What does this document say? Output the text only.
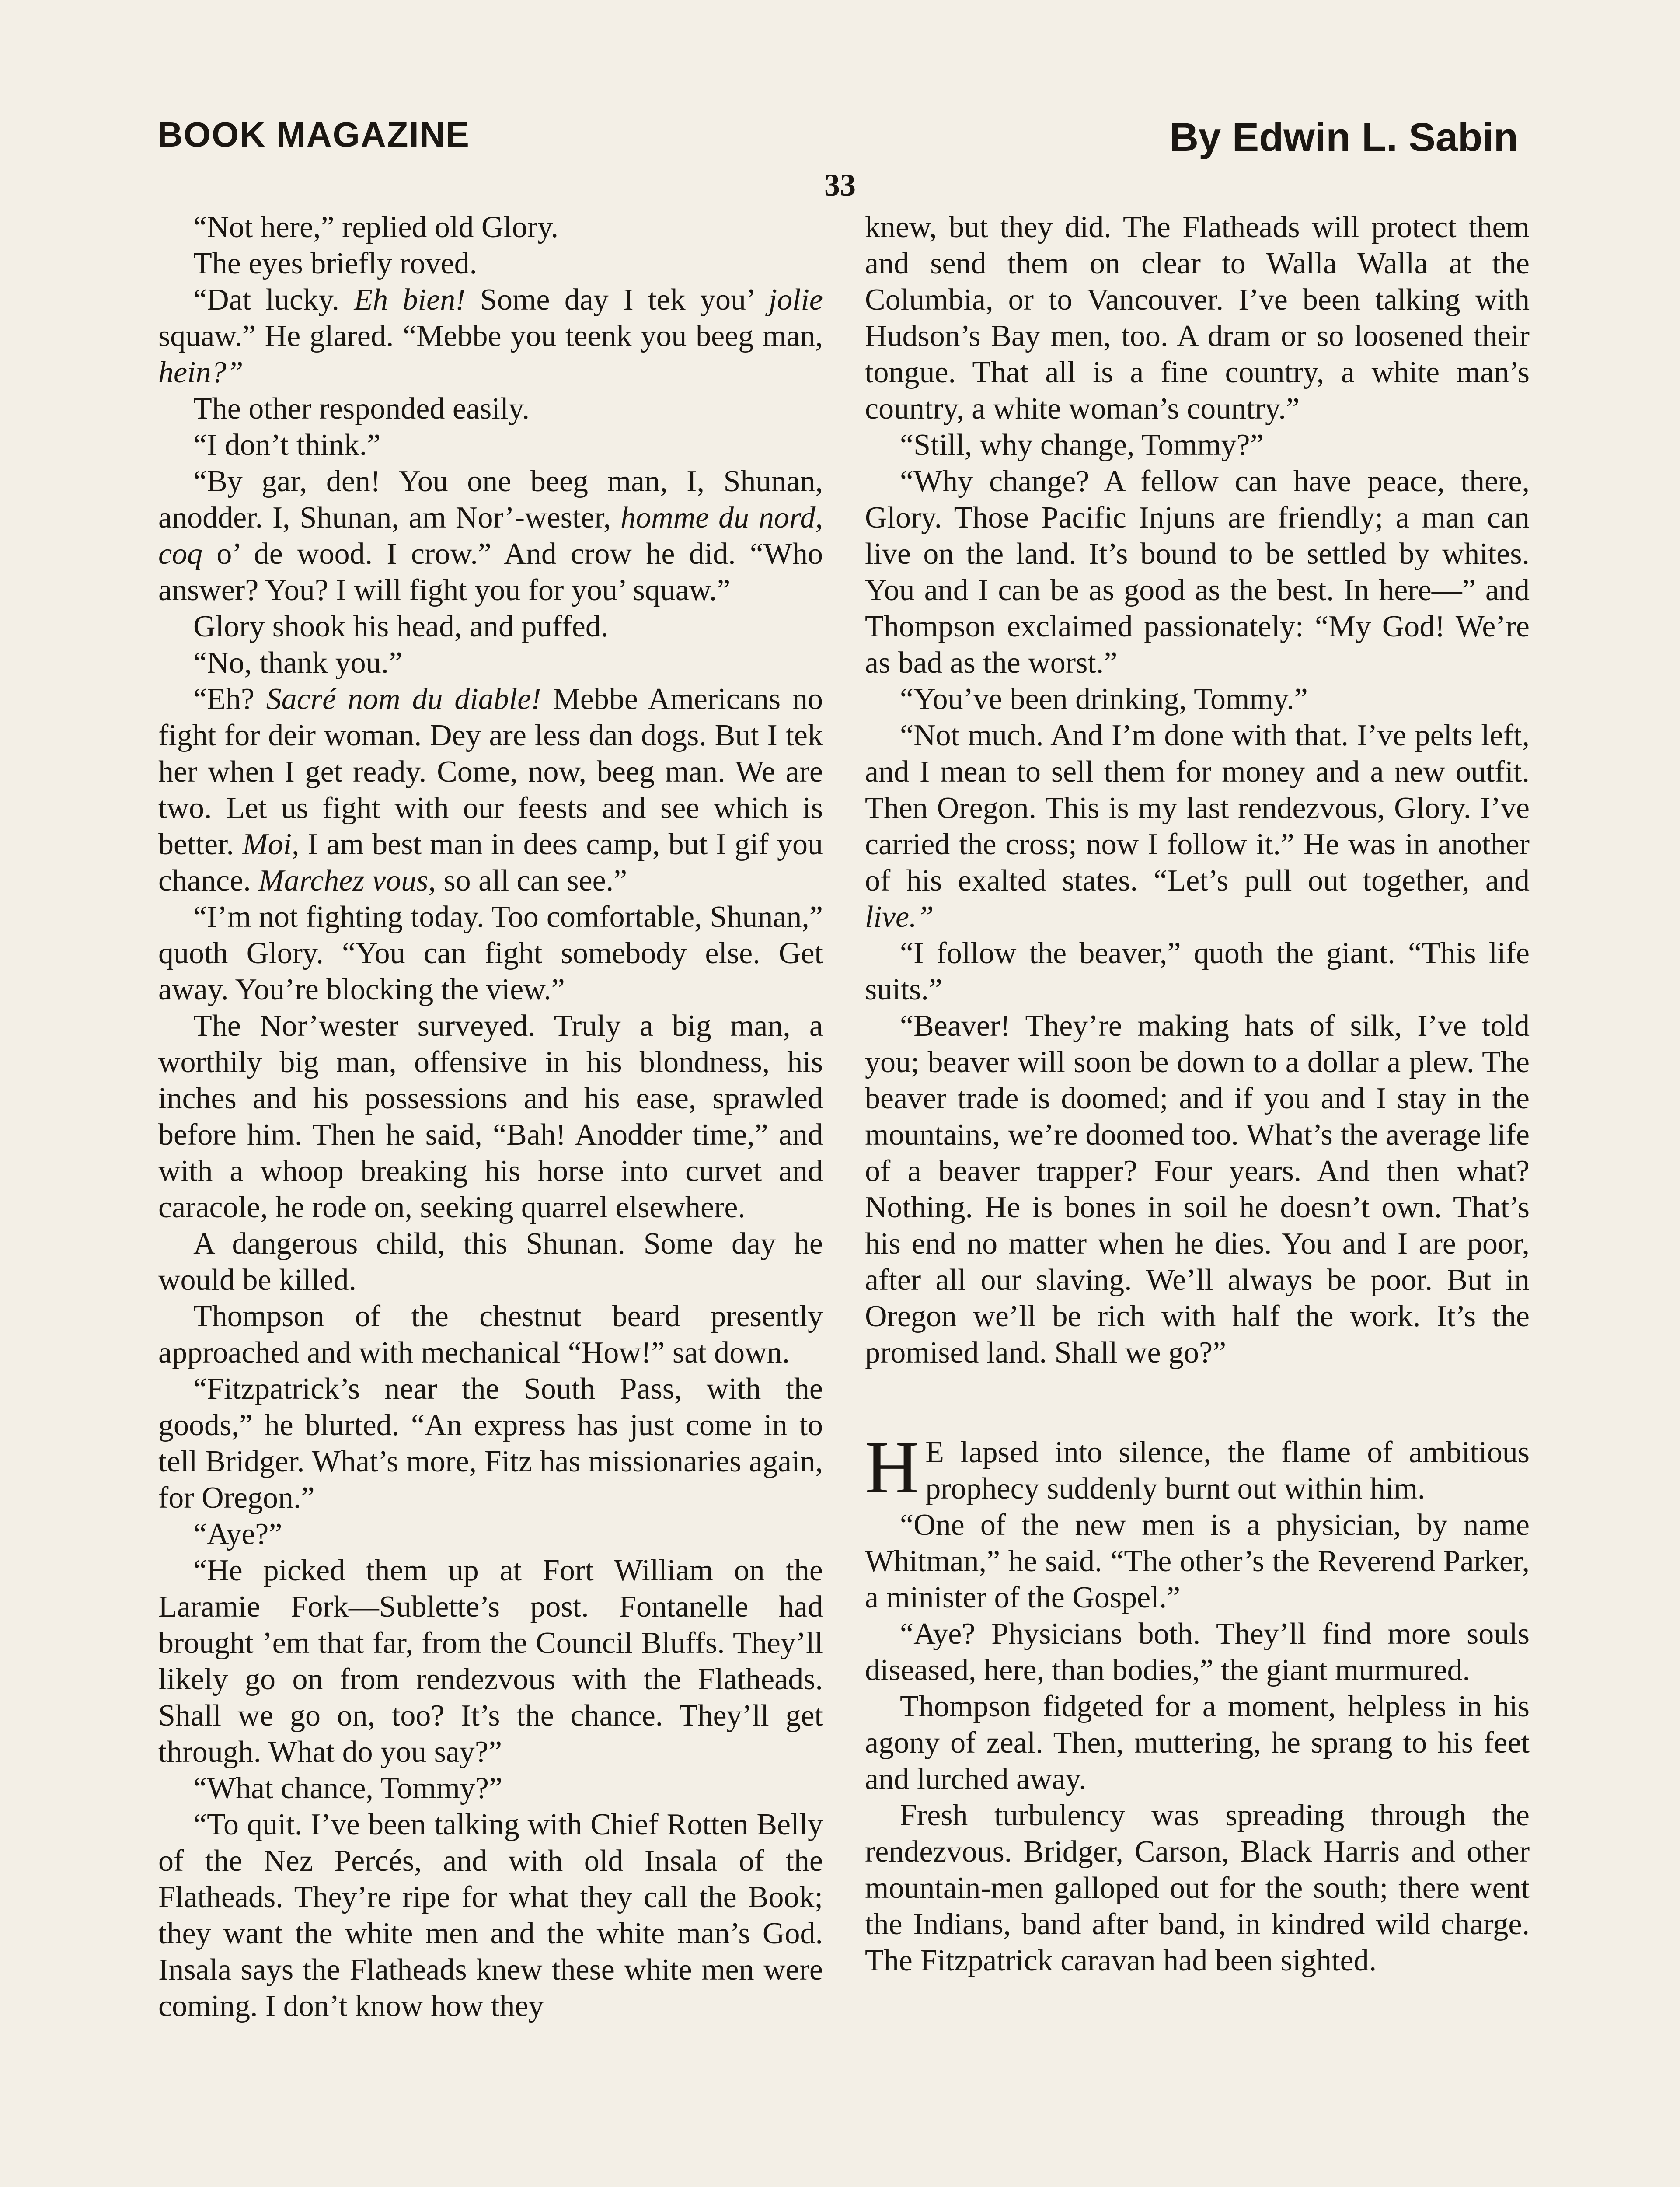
BOOK MAGAZINE	By Edwin L. Sabin
33

“Not here,” replied old Glory.

The eyes briefly roved.

“Dat lucky. Eh bien! Some day I tek you’ jolie squaw.” He glared. “Mebbe you teenk you beeg man, hein?”

The other responded easily.

“I don’t think.”

“By gar, den! You one beeg man, I, Shunan, anodder. I, Shunan, am Nor’-wester, homme du nord, coq o’ de wood. I crow.” And crow he did. “Who answer? You? I will fight you for you’ squaw.”

Glory shook his head, and puffed.

“No, thank you.”

“Eh? Sacré nom du diable! Mebbe Americans no fight for deir woman. Dey are less dan dogs. But I tek her when I get ready. Come, now, beeg man. We are two. Let us fight with our feests and see which is better. Moi, I am best man in dees camp, but I gif you chance. Marchez vous, so all can see.”

“I’m not fighting today. Too comfortable, Shunan,” quoth Glory. “You can fight somebody else. Get away. You’re blocking the view.”

The Nor’wester surveyed. Truly a big man, a worthily big man, offensive in his blondness, his inches and his possessions and his ease, sprawled before him. Then he said, “Bah! Anodder time,” and with a whoop breaking his horse into curvet and caracole, he rode on, seeking quarrel elsewhere.

A dangerous child, this Shunan. Some day he would be killed.

Thompson of the chestnut beard presently approached and with mechanical “How!” sat down.

“Fitzpatrick’s near the South Pass, with the goods,” he blurted. “An express has just come in to tell Bridger. What’s more, Fitz has missionaries again, for Oregon.”

“Aye?”

“He picked them up at Fort William on the Laramie Fork—Sublette’s post. Fontanelle had brought ’em that far, from the Council Bluffs. They’ll likely go on from rendezvous with the Flatheads. Shall we go on, too? It’s the chance. They’ll get through. What do you say?”

“What chance, Tommy?”

“To quit. I’ve been talking with Chief Rotten Belly of the Nez Percés, and with old Insala of the Flatheads. They’re ripe for what they call the Book; they want the white men and the white man’s God. Insala says the Flatheads knew these white men were coming. I don’t know how they

knew, but they did. The Flatheads will protect them and send them on clear to Walla Walla at the Columbia, or to Vancouver. I’ve been talking with Hudson’s Bay men, too. A dram or so loosened their tongue. That all is a fine country, a white man’s country, a white woman’s country.”

“Still, why change, Tommy?”

“Why change? A fellow can have peace, there, Glory. Those Pacific Injuns are friendly; a man can live on the land. It’s bound to be settled by whites. You and I can be as good as the best. In here—” and Thompson exclaimed passionately: “My God! We’re as bad as the worst.”

“You’ve been drinking, Tommy.”

“Not much. And I’m done with that. I’ve pelts left, and I mean to sell them for money and a new outfit. Then Oregon. This is my last rendezvous, Glory. I’ve carried the cross; now I follow it.” He was in another of his exalted states. “Let’s pull out together, and live.”

“I follow the beaver,” quoth the giant. “This life suits.”

“Beaver! They’re making hats of silk, I’ve told you; beaver will soon be down to a dollar a plew. The beaver trade is doomed; and if you and I stay in the mountains, we’re doomed too. What’s the average life of a beaver trapper? Four years. And then what? Nothing. He is bones in soil he doesn’t own. That’s his end no matter when he dies. You and I are poor, after all our slaving. We’ll always be poor. But in Oregon we’ll be rich with half the work. It’s the promised land. Shall we go?”

H E lapsed into silence, the flame of ambitious prophecy suddenly burnt out within him.

“One of the new men is a physician, by name Whitman,” he said. “The other’s the Reverend Parker, a minister of the Gospel.”

“Aye? Physicians both. They’ll find more souls diseased, here, than bodies,” the giant murmured.

Thompson fidgeted for a moment, helpless in his agony of zeal. Then, muttering, he sprang to his feet and lurched away.

Fresh turbulency was spreading through the rendezvous. Bridger, Carson, Black Harris and other mountain-men galloped out for the south; there went the Indians, band after band, in kindred wild charge. The Fitzpatrick caravan had been sighted.
